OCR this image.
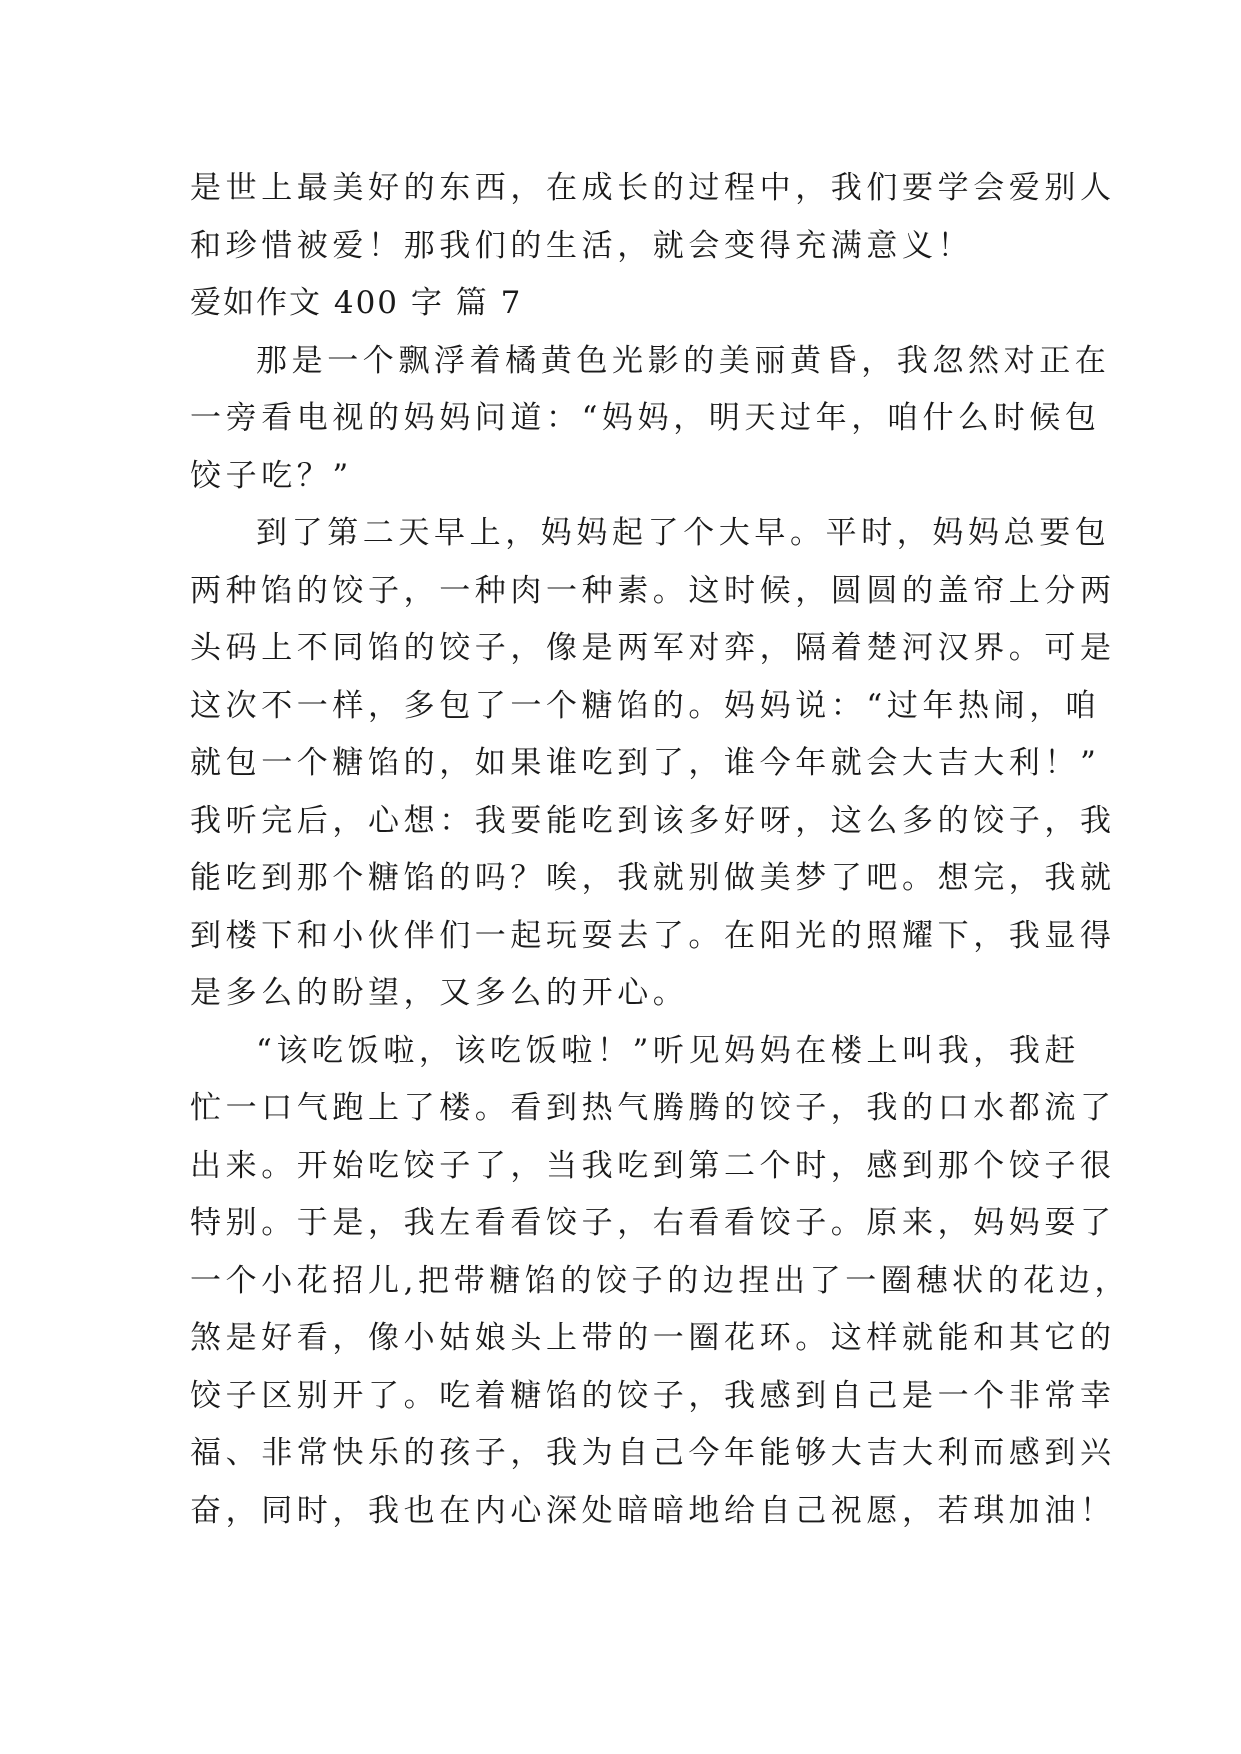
是世上最美好的东西，在成长的过程中，我们要学会爱别人
和珍惜被爱！那我们的生活，就会变得充满意义！
爱如作文 400 字 篇 7
那是一个飘浮着橘黄色光影的美丽黄昏，我忽然对正在
一旁看电视的妈妈问道：“妈妈，明天过年，咱什么时候包
饺子吃？”
到了第二天早上，妈妈起了个大早。平时，妈妈总要包
两种馅的饺子，一种肉一种素。这时候，圆圆的盖帘上分两
头码上不同馅的饺子，像是两军对弈，隔着楚河汉界。可是
这次不一样，多包了一个糖馅的。妈妈说：“过年热闹，咱
就包一个糖馅的，如果谁吃到了，谁今年就会大吉大利！”
我听完后，心想：我要能吃到该多好呀，这么多的饺子，我
能吃到那个糖馅的吗？唉，我就别做美梦了吧。想完，我就
到楼下和小伙伴们一起玩耍去了。在阳光的照耀下，我显得
是多么的盼望，又多么的开心。
“该吃饭啦，该吃饭啦！”听见妈妈在楼上叫我，我赶
忙一口气跑上了楼。看到热气腾腾的饺子，我的口水都流了
出来。开始吃饺子了，当我吃到第二个时，感到那个饺子很
特别。于是，我左看看饺子，右看看饺子。原来，妈妈耍了
一个小花招儿,把带糖馅的饺子的边捏出了一圈穗状的花边，
煞是好看，像小姑娘头上带的一圈花环。这样就能和其它的
饺子区别开了。吃着糖馅的饺子，我感到自己是一个非常幸
福、非常快乐的孩子，我为自己今年能够大吉大利而感到兴
奋，同时，我也在内心深处暗暗地给自己祝愿，若琪加油！
